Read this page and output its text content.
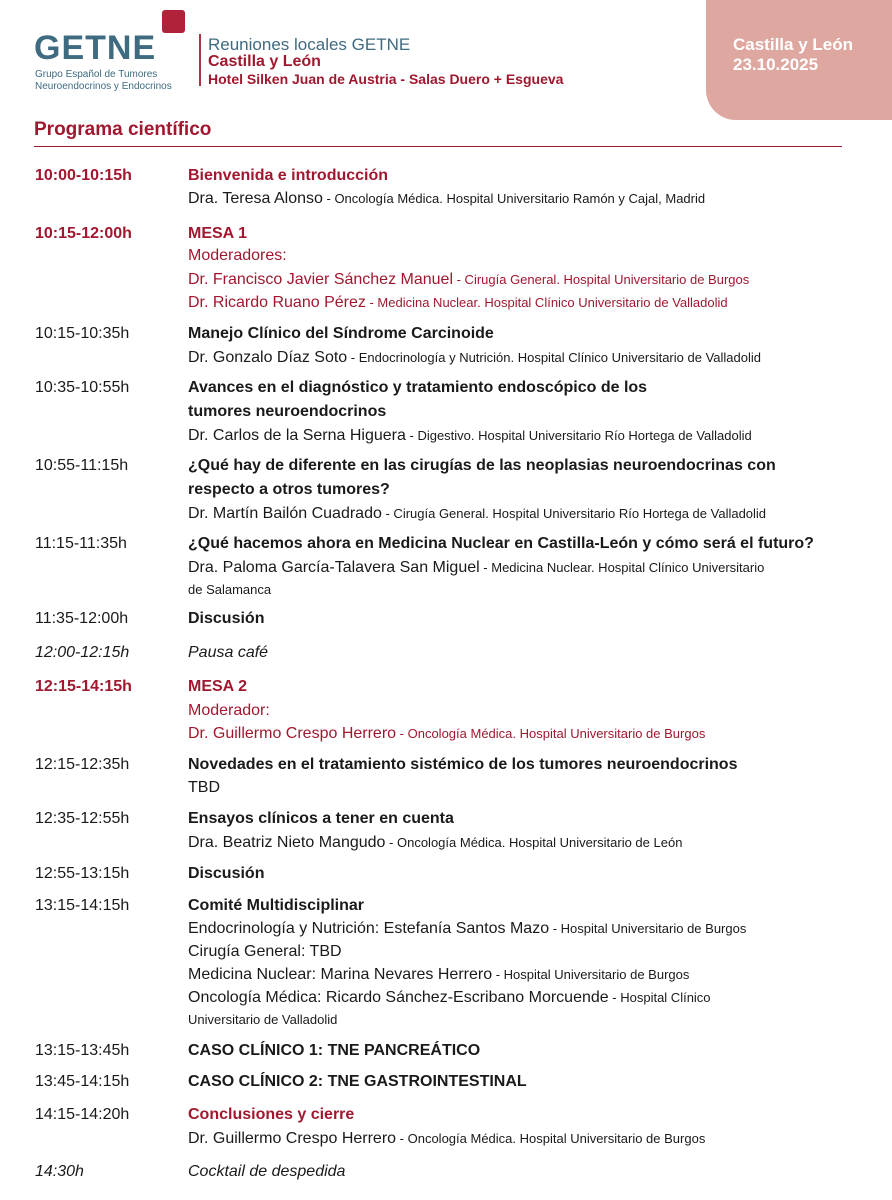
GETNE
Grupo Español de Tumores
Neuroendocrinos y Endocrinos
Reuniones locales GETNE
Castilla y León
Hotel Silken Juan de Austria - Salas Duero + Esgueva
Castilla y León
23.10.2025
Programa científico
10:00-10:15h	Bienvenida e introducción
Dra. Teresa Alonso - Oncología Médica. Hospital Universitario Ramón y Cajal, Madrid
10:15-12:00h	MESA 1
Moderadores:
Dr. Francisco Javier Sánchez Manuel - Cirugía General. Hospital Universitario de Burgos
Dr. Ricardo Ruano Pérez - Medicina Nuclear. Hospital Clínico Universitario de Valladolid
10:15-10:35h	Manejo Clínico del Síndrome Carcinoide
Dr. Gonzalo Díaz Soto - Endocrinología y Nutrición. Hospital Clínico Universitario de Valladolid
10:35-10:55h	Avances en el diagnóstico y tratamiento endoscópico de los
tumores neuroendocrinos
Dr. Carlos de la Serna Higuera - Digestivo. Hospital Universitario Río Hortega de Valladolid
10:55-11:15h	¿Qué hay de diferente en las cirugías de las neoplasias neuroendocrinas con
respecto a otros tumores?
Dr. Martín Bailón Cuadrado - Cirugía General. Hospital Universitario Río Hortega de Valladolid
11:15-11:35h	¿Qué hacemos ahora en Medicina Nuclear en Castilla-León y cómo será el futuro?
Dra. Paloma García-Talavera San Miguel - Medicina Nuclear. Hospital Clínico Universitario
de Salamanca
11:35-12:00h	Discusión
12:00-12:15h	Pausa café
12:15-14:15h	MESA 2
Moderador:
Dr. Guillermo Crespo Herrero - Oncología Médica. Hospital Universitario de Burgos
12:15-12:35h	Novedades en el tratamiento sistémico de los tumores neuroendocrinos
TBD
12:35-12:55h	Ensayos clínicos a tener en cuenta
Dra. Beatriz Nieto Mangudo - Oncología Médica. Hospital Universitario de León
12:55-13:15h	Discusión
13:15-14:15h	Comité Multidisciplinar
Endocrinología y Nutrición: Estefanía Santos Mazo - Hospital Universitario de Burgos
Cirugía General: TBD
Medicina Nuclear: Marina Nevares Herrero - Hospital Universitario de Burgos
Oncología Médica: Ricardo Sánchez-Escribano Morcuende - Hospital Clínico
Universitario de Valladolid
13:15-13:45h	CASO CLÍNICO 1: TNE PANCREÁTICO
13:45-14:15h	CASO CLÍNICO 2: TNE GASTROINTESTINAL
14:15-14:20h	Conclusiones y cierre
Dr. Guillermo Crespo Herrero - Oncología Médica. Hospital Universitario de Burgos
14:30h	Cocktail de despedida
